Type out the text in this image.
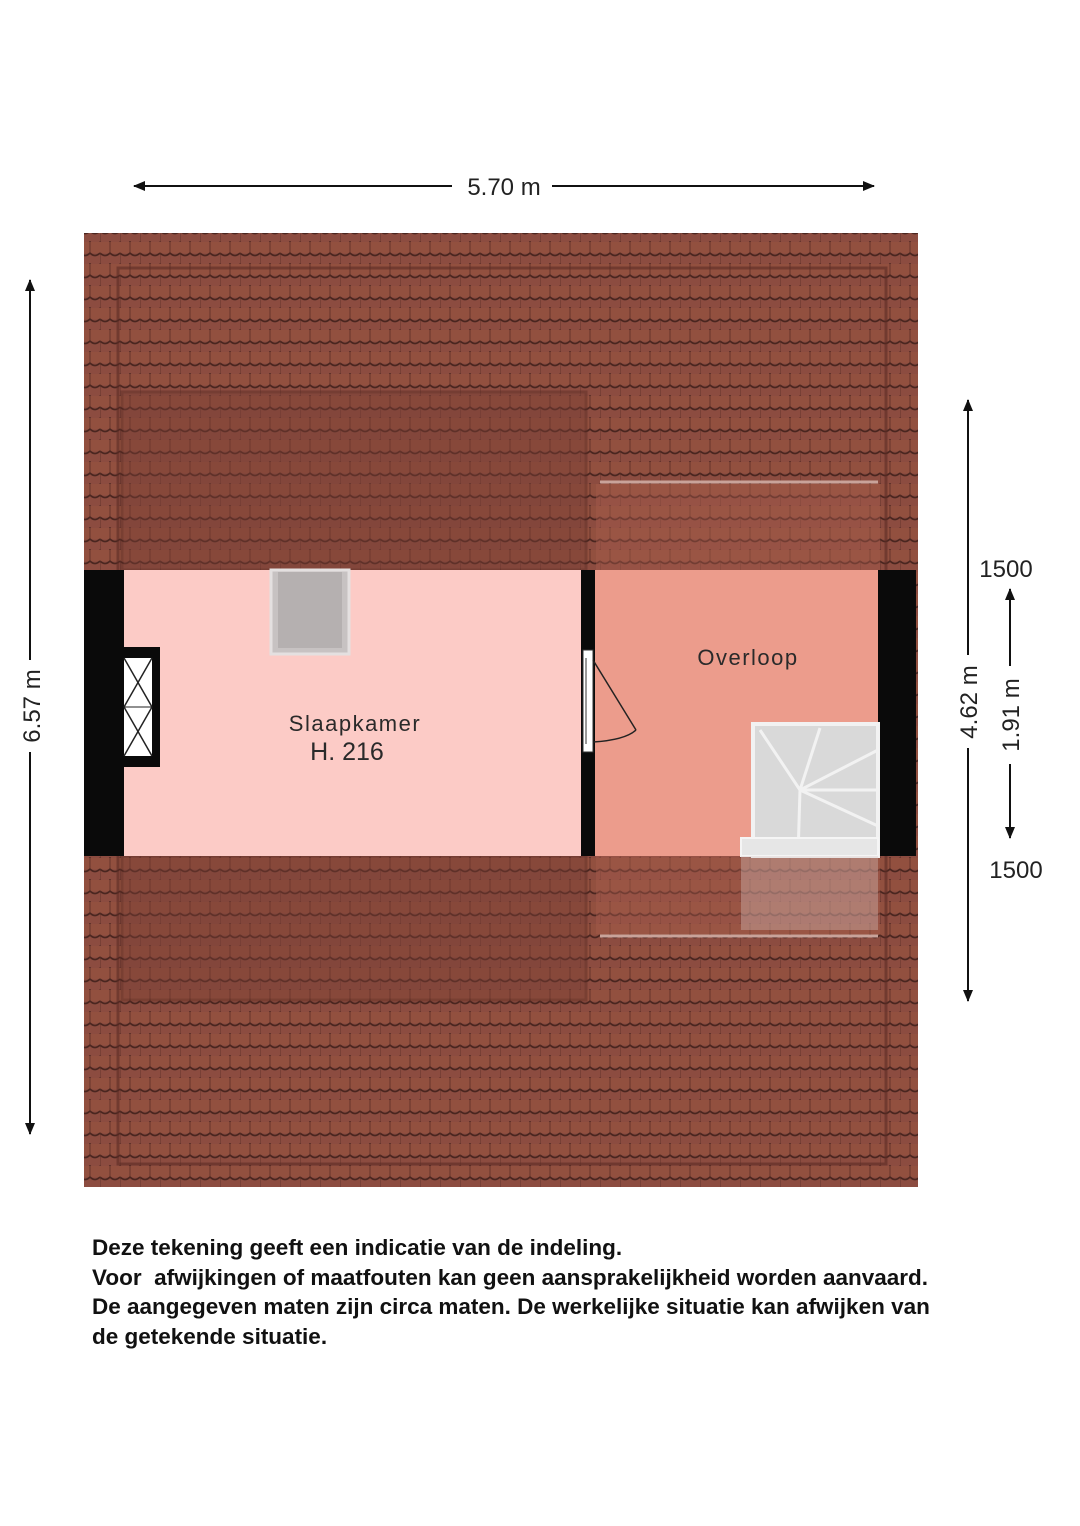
Slaapkamer
H. 216
Overloop
5.70 m
6.57 m	4.62 m 1.91 m
1500
1500
Deze tekening geeft een indicatie van de indeling.
Voor  afwijkingen of maatfouten kan geen aansprakelijkheid worden aanvaard.
De aangegeven maten zijn circa maten. De werkelijke situatie kan afwijken van
de getekende situatie.
